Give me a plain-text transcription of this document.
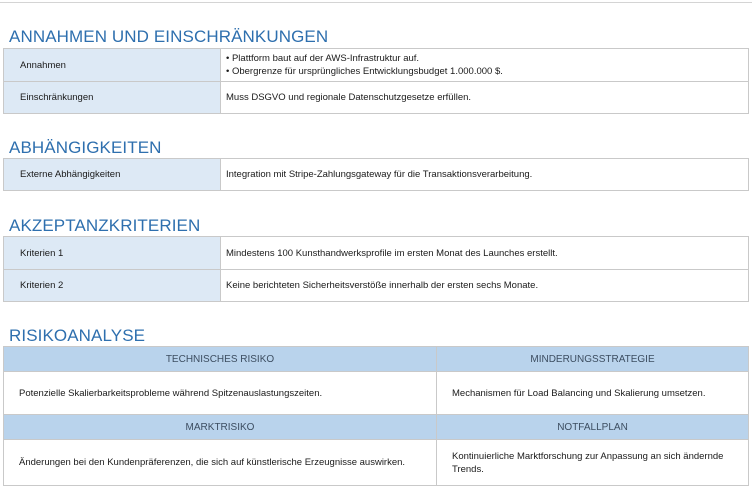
ANNAHMEN UND EINSCHRÄNKUNGEN
Annahmen	• Plattform baut auf der AWS-Infrastruktur auf.
• Obergrenze für ursprüngliches Entwicklungsbudget 1.000.000 $.

Einschränkungen	Muss DSGVO und regionale Datenschutzgesetze erfüllen.
ABHÄNGIGKEITEN
Externe Abhängigkeiten	Integration mit Stripe-Zahlungsgateway für die Transaktionsverarbeitung.
AKZEPTANZKRITERIEN
Kriterien 1	Mindestens 100 Kunsthandwerksprofile im ersten Monat des Launches erstellt.
Kriterien 2	Keine berichteten Sicherheitsverstöße innerhalb der ersten sechs Monate.
RISIKOANALYSE
TECHNISCHES RISIKO	MINDERUNGSSTRATEGIE
Potenzielle Skalierbarkeitsprobleme während Spitzenauslastungszeiten.	Mechanismen für Load Balancing und Skalierung umsetzen.
MARKTRISIKO	NOTFALLPLAN
Änderungen bei den Kundenpräferenzen, die sich auf künstlerische Erzeugnisse auswirken.	Kontinuierliche Marktforschung zur Anpassung an sich ändernde
Trends.
